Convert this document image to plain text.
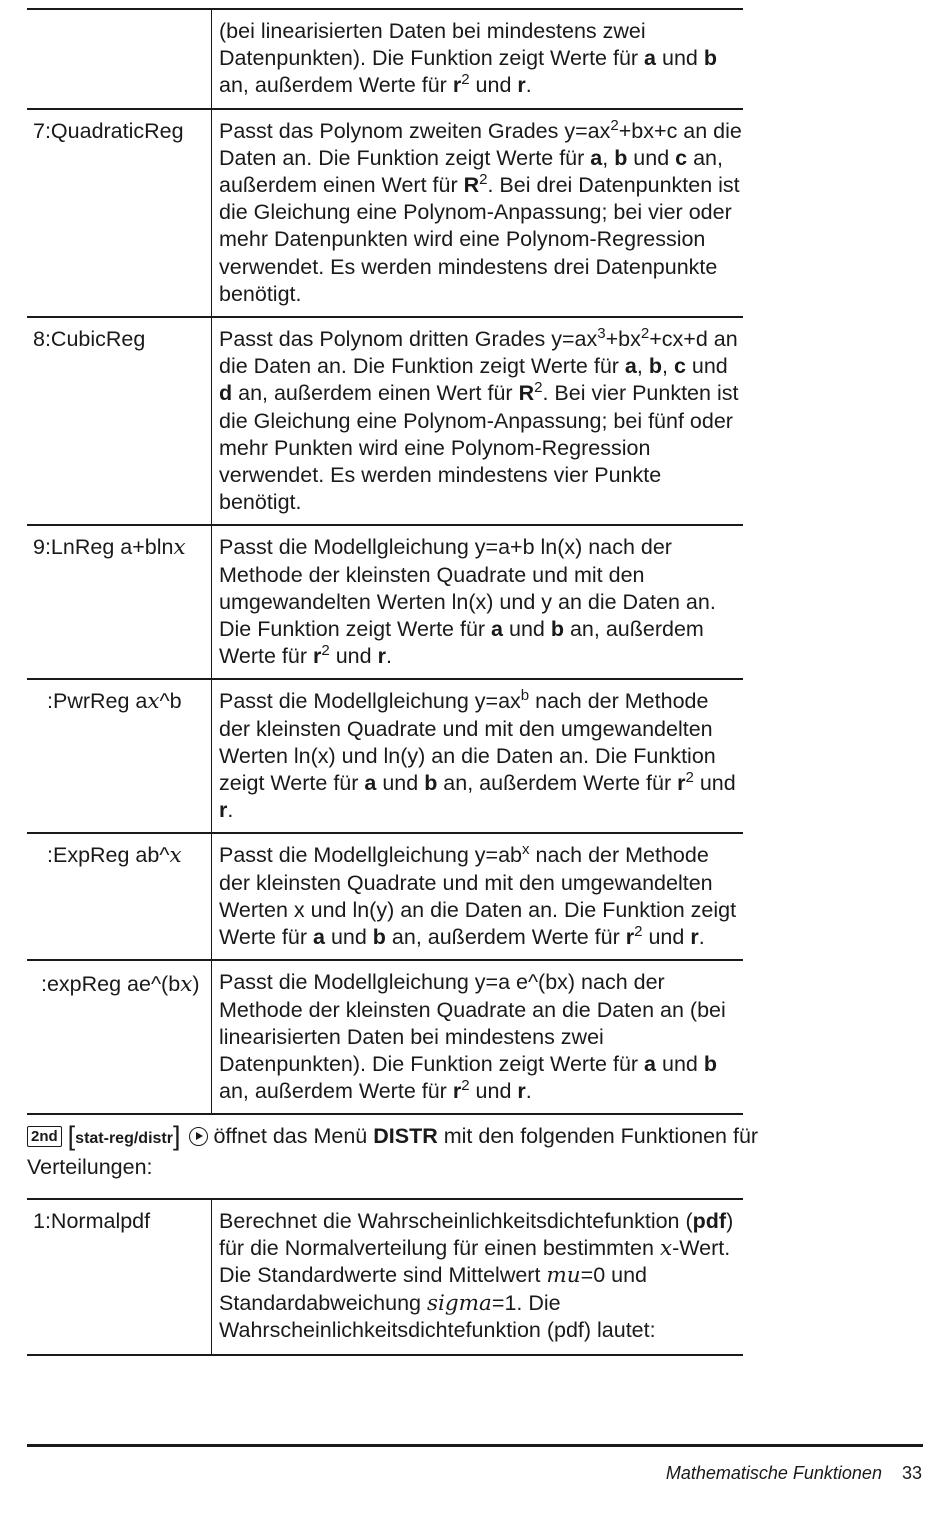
	(bei linearisierten Daten bei mindestens zwei Datenpunkten). Die Funktion zeigt Werte für a und b an, außerdem Werte für $r^2$ und r.
7:QuadraticReg	Passt das Polynom zweiten Grades $y=ax^2+bx+c$ an die Daten an. Die Funktion zeigt Werte für a, b und c an, außerdem einen Wert für $R^2$. Bei drei Datenpunkten ist die Gleichung eine Polynom-Anpassung; bei vier oder mehr Datenpunkten wird eine Polynom-Regression verwendet. Es werden mindestens drei Datenpunkte benötigt.
8:CubicReg	Passt das Polynom dritten Grades $y=ax^3+bx^2+cx+d$ an die Daten an. Die Funktion zeigt Werte für a, b, c und d an, außerdem einen Wert für $R^2$. Bei vier Punkten ist die Gleichung eine Polynom-Anpassung; bei fünf oder mehr Punkten wird eine Polynom-Regression verwendet. Es werden mindestens vier Punkte benötigt.
9:LnReg a+blnx	Passt die Modellgleichung y=a+b ln(x) nach der Methode der kleinsten Quadrate und mit den umgewandelten Werten ln(x) und y an die Daten an. Die Funktion zeigt Werte für a und b an, außerdem Werte für $r^2$ und r.
:PwrReg ax^b	Passt die Modellgleichung $y=ax^b$ nach der Methode der kleinsten Quadrate und mit den umgewandelten Werten ln(x) und ln(y) an die Daten an. Die Funktion zeigt Werte für a und b an, außerdem Werte für $r^2$ und r.
:ExpReg ab^x	Passt die Modellgleichung $y=ab^x$ nach der Methode der kleinsten Quadrate und mit den umgewandelten Werten x und ln(y) an die Daten an. Die Funktion zeigt Werte für a und b an, außerdem Werte für $r^2$ und r.
:expReg ae^(bx)	Passt die Modellgleichung y=a e^(bx) nach der Methode der kleinsten Quadrate an die Daten an (bei linearisierten Daten bei mindestens zwei Datenpunkten). Die Funktion zeigt Werte für a und b an, außerdem Werte für $r^2$ und r.
2nd [stat-reg/distr] öffnet das Menü DISTR mit den folgenden Funktionen für Verteilungen:
1:Normalpdf	Berechnet die Wahrscheinlichkeitsdichtefunktion (pdf) für die Normalverteilung für einen bestimmten x-Wert. Die Standardwerte sind Mittelwert mu=0 und Standardabweichung sigma=1. Die Wahrscheinlichkeitsdichtefunktion (pdf) lautet:
Mathematische Funktionen 33
